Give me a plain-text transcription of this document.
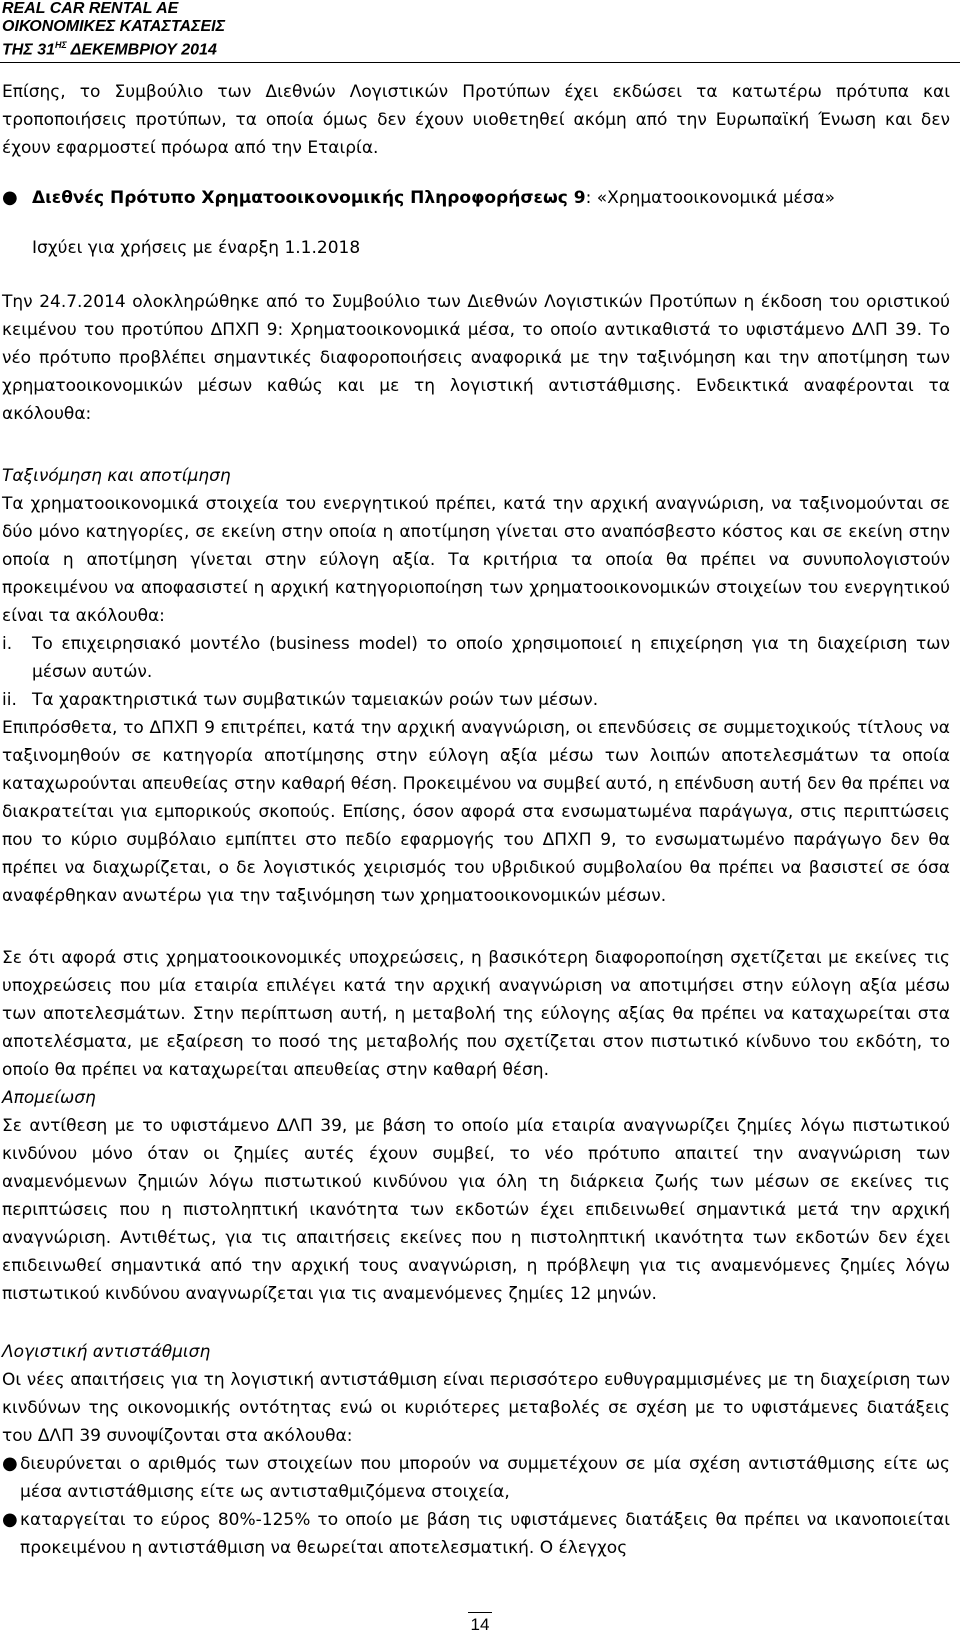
REAL CAR RENTAL AE
ΟΙΚΟΝΟΜΙΚΕΣ ΚΑΤΑΣΤΑΣΕΙΣ
ΤΗΣ $31^{H\Sigma}$ ΔΕΚΕΜΒΡΙΟΥ 2014

Επίσης, το Συμβούλιο των Διεθνών Λογιστικών Προτύπων έχει εκδώσει τα κατωτέρω πρότυπα και τροποποιήσεις προτύπων, τα οποία όμως δεν έχουν υιοθετηθεί ακόμη από την Ευρωπαϊκή Ένωση και δεν έχουν εφαρμοστεί πρόωρα από την Εταιρία.

● Διεθνές Πρότυπο Χρηματοοικονομικής Πληροφορήσεως 9: «Χρηματοοικονομικά μέσα»

Ισχύει για χρήσεις με έναρξη 1.1.2018

Την 24.7.2014 ολοκληρώθηκε από το Συμβούλιο των Διεθνών Λογιστικών Προτύπων η έκδοση του οριστικού κειμένου του προτύπου ΔΠΧΠ 9: Χρηματοοικονομικά μέσα, το οποίο αντικαθιστά το υφιστάμενο ΔΛΠ 39. Το νέο πρότυπο προβλέπει σημαντικές διαφοροποιήσεις αναφορικά με την ταξινόμηση και την αποτίμηση των χρηματοοικονομικών μέσων καθώς και με τη λογιστική αντιστάθμισης. Ενδεικτικά αναφέρονται τα ακόλουθα:

Ταξινόμηση και αποτίμηση

Τα χρηματοοικονομικά στοιχεία του ενεργητικού πρέπει, κατά την αρχική αναγνώριση, να ταξινομούνται σε δύο μόνο κατηγορίες, σε εκείνη στην οποία η αποτίμηση γίνεται στο αναπόσβεστο κόστος και σε εκείνη στην οποία η αποτίμηση γίνεται στην εύλογη αξία. Τα κριτήρια τα οποία θα πρέπει να συνυπολογιστούν προκειμένου να αποφασιστεί η αρχική κατηγοριοποίηση των χρηματοοικονομικών στοιχείων του ενεργητικού είναι τα ακόλουθα:

i.	Το επιχειρησιακό μοντέλο (business model) το οποίο χρησιμοποιεί η επιχείρηση για τη διαχείριση των μέσων αυτών.
ii. Τα χαρακτηριστικά των συμβατικών ταμειακών ροών των μέσων.

Επιπρόσθετα, το ΔΠΧΠ 9 επιτρέπει, κατά την αρχική αναγνώριση, οι επενδύσεις σε συμμετοχικούς τίτλους να ταξινομηθούν σε κατηγορία αποτίμησης στην εύλογη αξία μέσω των λοιπών αποτελεσμάτων τα οποία καταχωρούνται απευθείας στην καθαρή θέση. Προκειμένου να συμβεί αυτό, η επένδυση αυτή δεν θα πρέπει να διακρατείται για εμπορικούς σκοπούς. Επίσης, όσον αφορά στα ενσωματωμένα παράγωγα, στις περιπτώσεις που το κύριο συμβόλαιο εμπίπτει στο πεδίο εφαρμογής του ΔΠΧΠ 9, το ενσωματωμένο παράγωγο δεν θα πρέπει να διαχωρίζεται, ο δε λογιστικός χειρισμός του υβριδικού συμβολαίου θα πρέπει να βασιστεί σε όσα αναφέρθηκαν ανωτέρω για την ταξινόμηση των χρηματοοικονομικών μέσων.

Σε ότι αφορά στις χρηματοοικονομικές υποχρεώσεις, η βασικότερη διαφοροποίηση σχετίζεται με εκείνες τις υποχρεώσεις που μία εταιρία επιλέγει κατά την αρχική αναγνώριση να αποτιμήσει στην εύλογη αξία μέσω των αποτελεσμάτων. Στην περίπτωση αυτή, η μεταβολή της εύλογης αξίας θα πρέπει να καταχωρείται στα αποτελέσματα, με εξαίρεση το ποσό της μεταβολής που σχετίζεται στον πιστωτικό κίνδυνο του εκδότη, το οποίο θα πρέπει να καταχωρείται απευθείας στην καθαρή θέση.

Απομείωση

Σε αντίθεση με το υφιστάμενο ΔΛΠ 39, με βάση το οποίο μία εταιρία αναγνωρίζει ζημίες λόγω πιστωτικού κινδύνου μόνο όταν οι ζημίες αυτές έχουν συμβεί, το νέο πρότυπο απαιτεί την αναγνώριση των αναμενόμενων ζημιών λόγω πιστωτικού κινδύνου για όλη τη διάρκεια ζωής των μέσων σε εκείνες τις περιπτώσεις που η πιστοληπτική ικανότητα των εκδοτών έχει επιδεινωθεί σημαντικά μετά την αρχική αναγνώριση. Αντιθέτως, για τις απαιτήσεις εκείνες που η πιστοληπτική ικανότητα των εκδοτών δεν έχει επιδεινωθεί σημαντικά από την αρχική τους αναγνώριση, η πρόβλεψη για τις αναμενόμενες ζημίες λόγω πιστωτικού κινδύνου αναγνωρίζεται για τις αναμενόμενες ζημίες 12 μηνών.

Λογιστική αντιστάθμιση

Οι νέες απαιτήσεις για τη λογιστική αντιστάθμιση είναι περισσότερο ευθυγραμμισμένες με τη διαχείριση των κινδύνων της οικονομικής οντότητας ενώ οι κυριότερες μεταβολές σε σχέση με το υφιστάμενες διατάξεις του ΔΛΠ 39 συνοψίζονται στα ακόλουθα:

● διευρύνεται ο αριθμός των στοιχείων που μπορούν να συμμετέχουν σε μία σχέση αντιστάθμισης είτε ως μέσα αντιστάθμισης είτε ως αντισταθμιζόμενα στοιχεία,
● καταργείται το εύρος 80%-125% το οποίο με βάση τις υφιστάμενες διατάξεις θα πρέπει να ικανοποιείται προκειμένου η αντιστάθμιση να θεωρείται αποτελεσματική. Ο έλεγχος
14
